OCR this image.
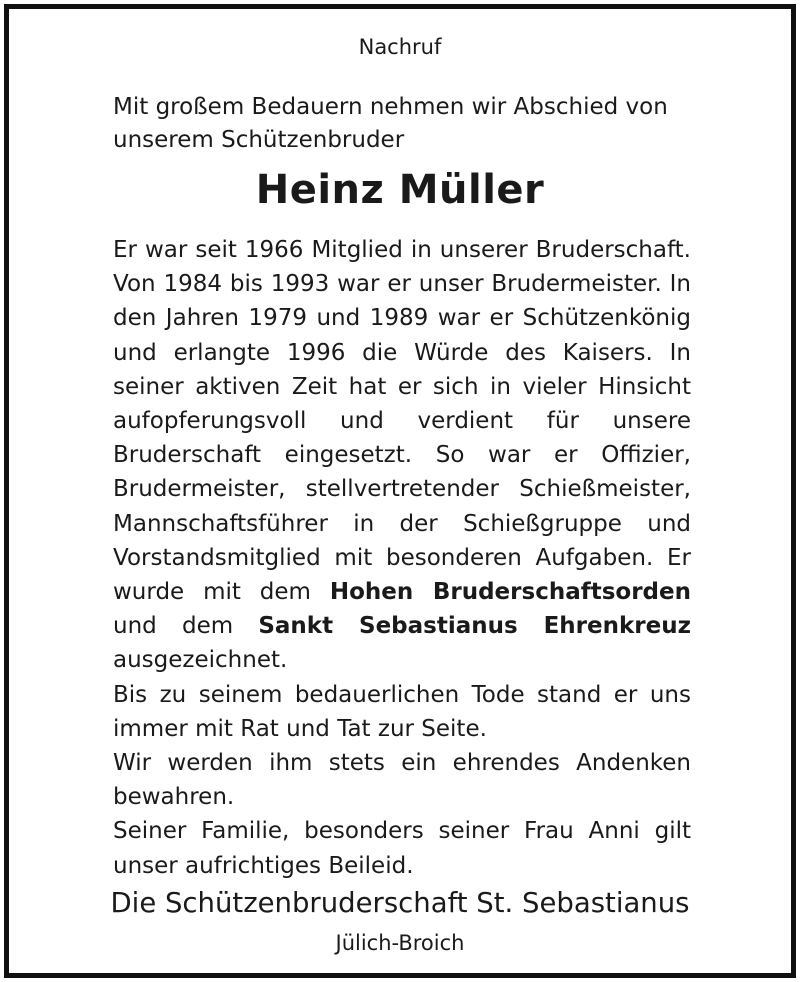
Nachruf
Mit großem Bedauern nehmen wir Abschied von unserem Schützenbruder
Heinz Müller

Er war seit 1966 Mitglied in unserer Bruderschaft. Von 1984 bis 1993 war er unser Brudermeister. In den Jahren 1979 und 1989 war er Schützenkönig und erlangte 1996 die Würde des Kaisers. In seiner aktiven Zeit hat er sich in vieler Hinsicht aufopferungsvoll und verdient für unsere Bruderschaft eingesetzt. So war er Offizier, Brudermeister, stellvertretender Schießmeister, Mannschaftsführer in der Schießgruppe und Vorstandsmitglied mit besonderen Aufgaben. Er wurde mit dem Hohen Bruderschaftsorden und dem Sankt Sebastianus Ehrenkreuz ausgezeichnet.

Bis zu seinem bedauerlichen Tode stand er uns immer mit Rat und Tat zur Seite.

Wir werden ihm stets ein ehrendes Andenken bewahren.

Seiner Familie, besonders seiner Frau Anni gilt unser aufrichtiges Beileid.

Die Schützenbruderschaft St. Sebastianus
Jülich-Broich
